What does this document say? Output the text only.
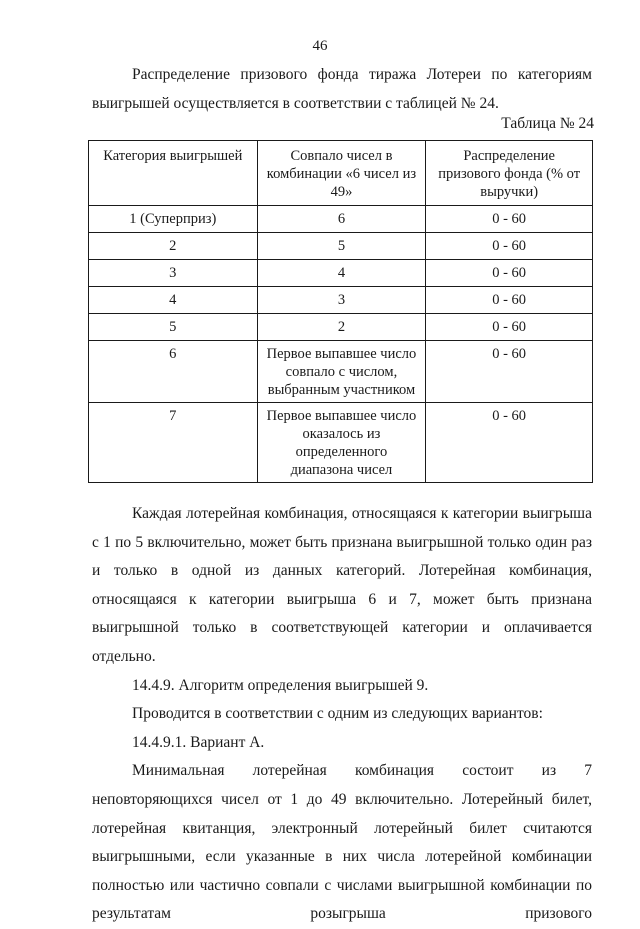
46

Распределение призового фонда тиража Лотереи по категориям
выигрышей осуществляется в соответствии с таблицей № 24.

Таблица № 24
Категория выигрышей	Совпало чисел в комбинации «6 чисел из 49»	Распределение призового фонда (% от выручки)
1 (Суперприз)	6	0 - 60
2	5	0 - 60
3	4	0 - 60
4	3	0 - 60
5	2	0 - 60
6	Первое выпавшее число совпало с числом, выбранным участником	0 - 60
7	Первое выпавшее число оказалось из определенного диапазона чисел	0 - 60

Каждая лотерейная комбинация, относящаяся к категории выигрыша с 1 по 5 включительно, может быть признана выигрышной только один раз и только в одной из данных категорий. Лотерейная комбинация, относящаяся к категории выигрыша 6 и 7, может быть признана выигрышной только в соответствующей категории и оплачивается отдельно.

14.4.9. Алгоритм определения выигрышей 9.

Проводится в соответствии с одним из следующих вариантов:

14.4.9.1. Вариант А.

Минимальная лотерейная комбинация состоит из 7 неповторяющихся чисел от 1 до 49 включительно. Лотерейный билет, лотерейная квитанция, электронный лотерейный билет считаются выигрышными, если указанные в них числа лотерейной комбинации полностью или частично совпали с числами выигрышной комбинации по результатам розыгрыша призового
